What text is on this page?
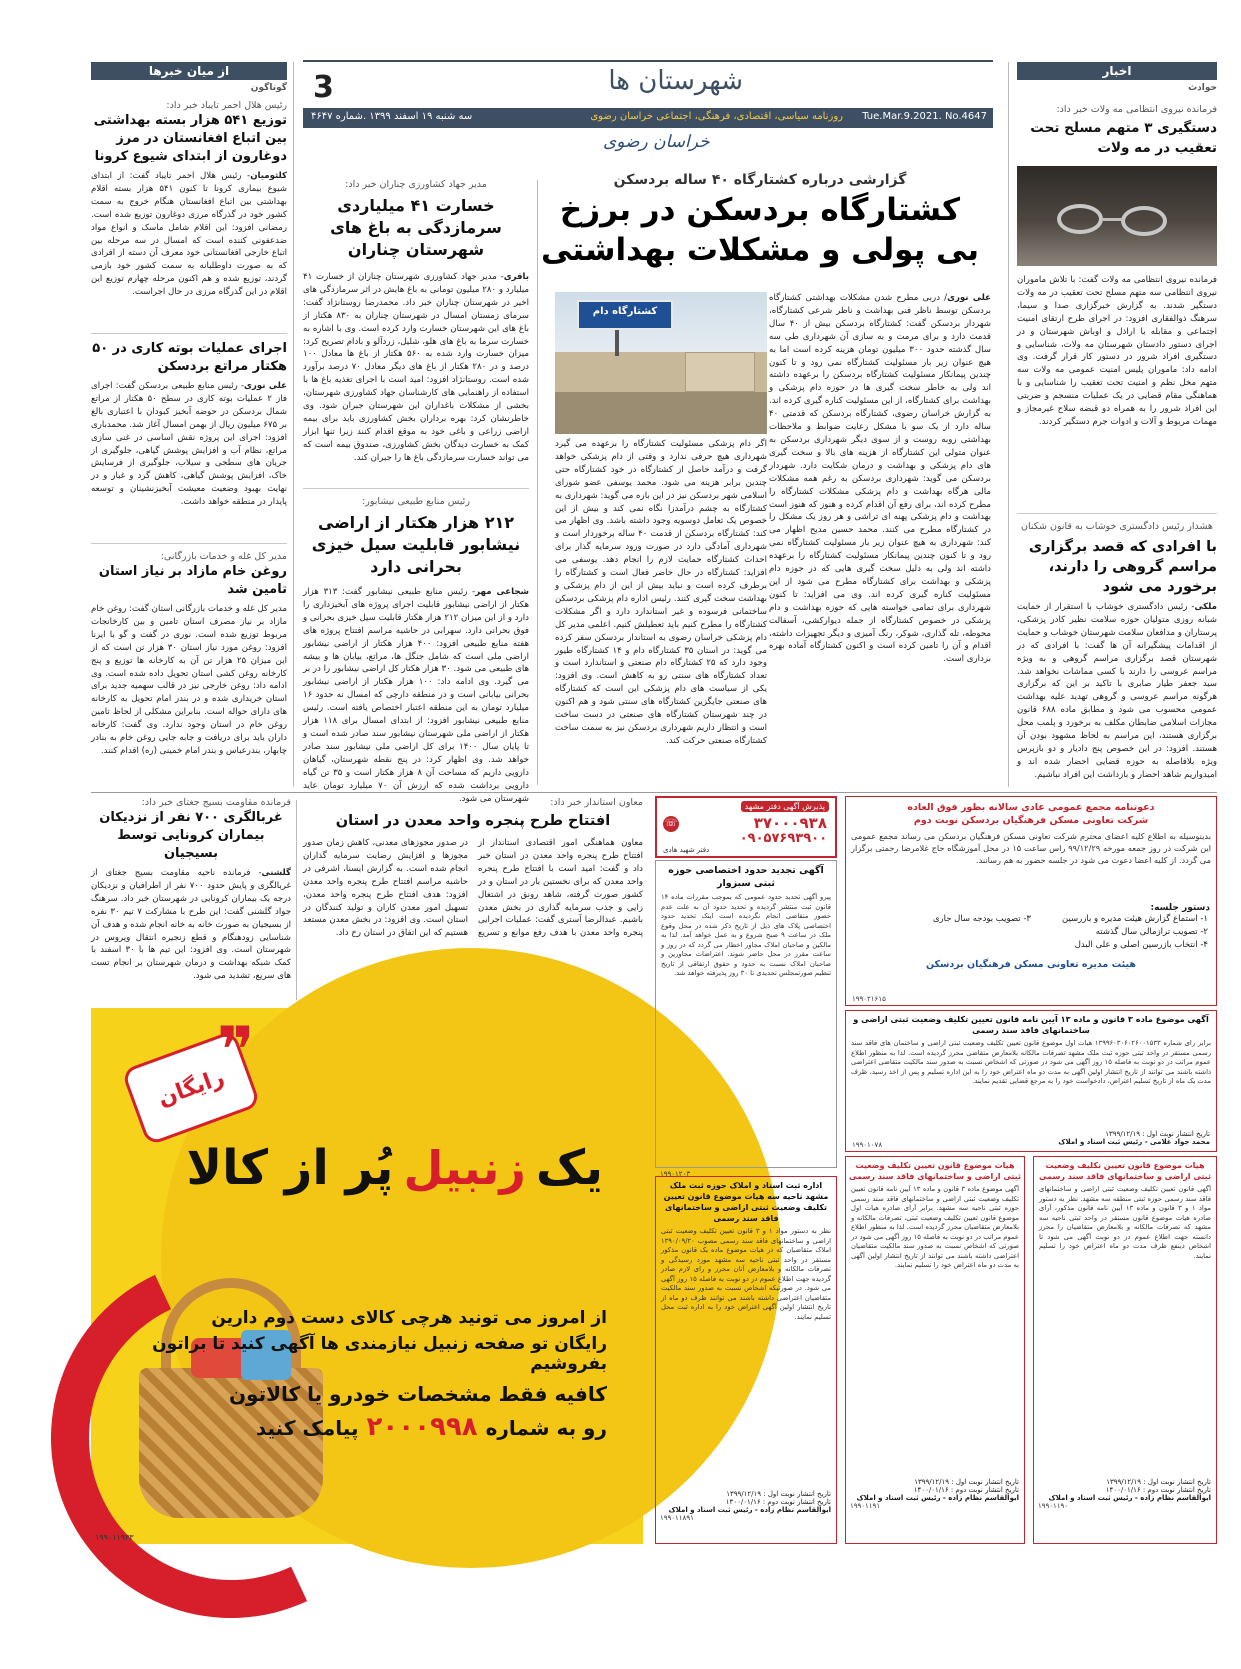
شهرستان ها
3
Tue.Mar.9.2021. No.4647
روزنامه سیاسی، اقتصادی، فرهنگی، اجتماعی خراسان رضوی
سه شنبه ۱۹ اسفند ۱۳۹۹ .شماره ۴۶۴۷
خراسان رضوی
اخبار
حوادث
فرمانده نیروی انتظامی مه ولات خبر داد:
دستگیری ۳ متهم مسلح تحت تعقیب در مه ولات
فرمانده نیروی انتظامی مه ولات گفت: با تلاش ماموران نیروی انتظامی سه متهم مسلح تحت تعقیب در مه ولات دستگیر شدند. به گزارش خبرگزاری صدا و سیما، سرهنگ ذوالفقاری افزود: در اجرای طرح ارتقای امنیت اجتماعی و مقابله با اراذل و اوباش شهرستان و در اجرای دستور دادستان شهرستان مه ولات، شناسایی و دستگیری افراد شرور در دستور کار قرار گرفت. وی ادامه داد: ماموران پلیس امنیت عمومی مه ولات سه متهم مخل نظم و امنیت تحت تعقیب را شناسایی و با هماهنگی مقام قضایی در یک عملیات منسجم و ضربتی این افراد شرور را به همراه دو قبضه سلاح غیرمجاز و مهمات مربوط و آلات و ادوات جرم دستگیر کردند.
هشدار رئیس دادگستری خوشاب به قانون شکنان
با افرادی که قصد برگزاری مراسم گروهی را دارند، برخورد می شود
ملکی- رئیس دادگستری خوشاب با استقرار از حمایت شبانه روزی متولیان حوزه سلامت نظیر کادر پزشکی، پرستاران و مدافعان سلامت شهرستان خوشاب و حمایت از اقدامات پیشگیرانه آن ها گفت: با افرادی که در شهرستان قصد برگزاری مراسم گروهی و به ویژه مراسم عروسی را دارند با کسی مماشات نخواهد شد. سید جعفر طیار صابری با تاکید بر این که برگزاری هرگونه مراسم عروسی و گروهی تهدید علیه بهداشت عمومی محسوب می شود و مطابق ماده ۶۸۸ قانون مجازات اسلامی ضابطان مکلف به برخورد و پلمب محل برگزاری هستند، این مراسم به لحاظ مشهود بودن آن هستند. افزود: در این خصوص پنج دادیار و دو بازپرس ویژه بلافاصله به حوزه قضایی احضار شده اند و امیدواریم شاهد احضار و بازداشت این افراد نباشیم.
گزارشی درباره کشتارگاه ۴۰ ساله بردسکن
کشتارگاه بردسکن در برزخ
بی پولی و مشکلات بهداشتی
علی نوری/ دربی مطرح شدن مشکلات بهداشتی کشتارگاه بردسکن توسط ناظر فنی بهداشت و ناظر شرعی کشتارگاه، شهردار بردسکن گفت: کشتارگاه بردسکن بیش از ۴۰ سال قدمت دارد و برای مرمت و به سازی آن شهرداری طی سه سال گذشته حدود ۳۰۰ میلیون تومان هزینه کرده است اما به هیچ عنوان زیر بار مسئولیت کشتارگاه نمی رود و تا کنون چندین پیمانکار مسئولیت کشتارگاه بردسکن را برعهده داشته اند ولی به خاطر سخت گیری ها در حوزه دام پزشکی و بهداشت برای کشتارگاه، از این مسئولیت کناره گیری کرده اند. به گزارش خراسان رضوی، کشتارگاه بردسکن که قدمتی ۴۰ ساله دارد از یک سو با مشکل رعایت ضوابط و ملاحظات بهداشتی روبه روست و از سوی دیگر شهرداری بردسکن به عنوان متولی این کشتارگاه از هزینه های بالا و سخت گیری های دام پزشکی و بهداشت و درمان شکایت دارد. شهردار بردسکن می گوید: شهرداری بردسکن به رغم همه مشکلات مالی هرگاه بهداشت و دام پزشکی مشکلات کشتارگاه را مطرح کرده اند، برای رفع آن اقدام کرده و هنوز که هنوز است بهداشت و دام پزشکی پهنه ای تراشی و هر روز یک مشکل را در کشتارگاه مطرح می کنند. محمد حسین مدیح اظهار می کند: شهرداری به هیچ عنوان زیر بار مسئولیت کشتارگاه نمی رود و تا کنون چندین پیمانکار مسئولیت کشتارگاه را برعهده داشته اند ولی به دلیل سخت گیری هایی که در حوزه دام پزشکی و بهداشت برای کشتارگاه مطرح می شود از این مسئولیت کناره گیری کرده اند. وی می افزاید: تا کنون شهرداری برای تمامی خواسته هایی که حوزه بهداشت و دام پزشکی در خصوص کشتارگاه از جمله دیوارکشی، آسفالت محوطه، تله گذاری، شوکر، رنگ آمیزی و دیگر تجهیزات داشته، اقدام و آن را تامین کرده است و اکنون کشتارگاه آماده بهره برداری است.
کشتارگاه دام
اگر دام پزشکی مسئولیت کشتارگاه را برعهده می گیرد شهرداری هیچ حرفی ندارد و وقتی از دام پزشکی خواهد گرفت و درآمد حاصل از کشتارگاه در خود کشتارگاه حتی چندین برابر هزینه می شود. محمد یوسفی عضو شورای اسلامی شهر بردسکن نیز در این باره می گوید: شهرداری به کشتارگاه به چشم درآمدزا نگاه نمی کند و بیش از این خصوص یک تعامل دوسویه وجود داشته باشد. وی اظهار می کند: کشتارگاه بردسکن از قدمت ۴۰ ساله برخوردار است و شهرداری آمادگی دارد در صورت ورود سرمایه گذار برای احداث کشتارگاه حمایت لازم را انجام دهد. یوسفی می افزاید: کشتارگاه در حال حاضر فعال است و کشتارگاه را برطرف کرده است و نباید بیش از این از دام پزشکی و بهداشت سخت گیری کنند. رئیس اداره دام پزشکی بردسکن ساختمانی فرسوده و غیر استاندارد دارد و اگر مشکلات کشتارگاه را مطرح کنیم باید تعطیلش کنیم. اعلمی مدیر کل دام پزشکی خراسان رضوی به استاندار بردسکن سفر کرده می گوید: در استان ۳۵ کشتارگاه دام و ۱۴ کشتارگاه طیور وجود دارد که ۲۵ کشتارگاه دام صنعتی و استاندارد است و تعداد کشتارگاه های سنتی رو به کاهش است. وی افزود: یکی از سیاست های دام پزشکی این است که کشتارگاه های صنعتی جایگزین کشتارگاه های سنتی شود و هم اکنون در چند شهرستان کشتارگاه های صنعتی در دست ساخت است و انتظار داریم شهرداری بردسکن نیز به سمت ساخت کشتارگاه صنعتی حرکت کند.
مدیر جهاد کشاورزی چناران خبر داد:
خسارت ۴۱ میلیاردی سرمازدگی به باغ های شهرستان چناران
باقری- مدیر جهاد کشاورزی شهرستان چناران از خسارت ۴۱ میلیارد و ۲۸۰ میلیون تومانی به باغ هایش در اثر سرمازدگی های اخیر در شهرستان چناران خبر داد. محمدرضا روستانژاد گفت: سرمای زمستان امسال در شهرستان چناران به ۸۳۰ هکتار از باغ های این شهرستان خسارت وارد کرده است. وی با اشاره به خسارت سرما به باغ های هلو، شلیل، زردآلو و بادام تصریح کرد: میزان خسارت وارد شده به ۵۶۰ هکتار از باغ ها معادل ۱۰۰ درصد و در ۲۸۰ هکتار از باغ های دیگر معادل ۷۰ درصد برآورد شده است. روستانژاد افزود: امید است با اجرای تغذیه باغ ها با استفاده از راهنمایی های کارشناسان جهاد کشاورزی شهرستان، بخشی از مشکلات باغداران این شهرستان جبران شود. وی خاطرنشان کرد: بهره برداران بخش کشاورزی باید برای بیمه اراضی زراعی و باغی خود به موقع اقدام کنند زیرا تنها ابزار کمک به خسارت دیدگان بخش کشاورزی، صندوق بیمه است که می تواند خسارت سرمازدگی باغ ها را جبران کند.
رئیس منابع طبیعی نیشابور:
۲۱۲ هزار هکتار از اراضی نیشابور قابلیت سیل خیزی بحرانی دارد
شجاعی مهر- رئیس منابع طبیعی نیشابور گفت: ۳۱۳ هزار هکتار از اراضی نیشابور قابلیت اجرای پروژه های آبخیزداری را دارد و از این میزان ۲۱۲ هزار هکتار قابلیت سیل خیزی بحرانی و فوق بحرانی دارد. سهرابی در حاشیه مراسم افتتاح پروژه های هفته منابع طبیعی افزود: ۴۰۰ هزار هکتار از اراضی نیشابور اراضی ملی است که شامل جنگل ها، مراتع، بیابان ها و بیشه های طبیعی می شود. ۳۰ هزار هکتار کل اراضی نیشابور را در بر می گیرد. وی ادامه داد: ۱۰۰ هزار هکتار از اراضی نیشابور بحرانی بیابانی است و در منطقه دارچی که امسال نه حدود ۱۶ میلیارد تومان به این منطقه اعتبار اختصاص یافته است. رئیس منابع طبیعی نیشابور افزود: از ابتدای امسال برای ۱۱۸ هزار هکتار از اراضی ملی شهرستان نیشابور سند صادر شده است و تا پایان سال ۱۴۰۰ برای کل اراضی ملی نیشابور سند صادر خواهد شد. وی اظهار کرد: در پنج نقطه شهرستان، گیاهان دارویی داریم که مساحت آن ۸ هزار هکتار است و ۳۵ تن گیاه دارویی برداشت شده که ارزش آن ۷۰ میلیارد تومان عاید شهرستان می شود.
از میان خبرها
گوناگون
رئیس هلال احمر تایباد خبر داد:
توزیع ۵۴۱ هزار بسته بهداشتی بین اتباع افغانستان در مرز دوغارون از ابتدای شیوع کرونا
کلثومیان- رئیس هلال احمر تایباد گفت: از ابتدای شیوع بیماری کرونا تا کنون ۵۴۱ هزار بسته اقلام بهداشتی بین اتباع افغانستان هنگام خروج به سمت کشور خود در گذرگاه مرزی دوغارون توزیع شده است. رمضانی افزود: این اقلام شامل ماسک و انواع مواد ضدعفونی کننده است که امسال در سه مرحله بین اتباع خارجی افغانستانی خود معرف آن دسته از افرادی که به صورت داوطلبانه به سمت کشور خود بازمی گردند، توزیع شده و هم اکنون مرحله چهارم توزیع این اقلام در این گذرگاه مرزی در حال اجراست.
اجرای عملیات بوته کاری در ۵۰ هکتار مراتع بردسکن
علی نوری- رئیس منابع طبیعی بردسکن گفت: اجرای فاز ۲ عملیات بوته کاری در سطح ۵۰ هکتار از مراتع شمال بردسکن در حوضه آبخیز کبودان با اعتباری بالغ بر ۶۷۵ میلیون ریال از بهمن امسال آغاز شد. محمدباری افزود: اجرای این پروژه نقش اساسی در غنی سازی مراتع، نظام آب و افزایش پوشش گیاهی، جلوگیری از جریان های سطحی و سیلاب، جلوگیری از فرسایش خاک، افزایش پوشش گیاهی، کاهش گرد و غبار و در نهایت بهبود وضعیت معیشت آبخیزنشینان و توسعه پایدار در منطقه خواهد داشت.
مدیر کل غله و خدمات بازرگانی:
روغن خام مازاد بر نیاز استان تامین شد
مدیر کل غله و خدمات بازرگانی استان گفت: روغن خام مازاد بر نیاز مصرف استان تامین و بین کارخانجات مربوط توزیع شده است. نوری در گفت و گو با ایرنا افزود: روغن مورد نیاز استان ۳۰ هزار تن است که از این میزان ۲۵ هزار تن آن به کارخانه ها توزیع و پنج کارخانه روغن کشی استان تحویل داده شده است. وی ادامه داد: روغن خارجی نیز در قالب سهمیه جدید برای استان خریداری شده و در بندر امام تحویل به کارخانه های دارای حواله است. بنابراین مشکلی از لحاظ تامین روغن خام در استان وجود ندارد. وی گفت: کارخانه داران باید برای دریافت و جابه جایی روغن خام به بنادر چابهار، بندرعباس و بندر امام خمینی (ره) اقدام کنند.
معاون استاندار خبر داد:
افتتاح طرح پنجره واحد معدن در استان
معاون هماهنگی امور اقتصادی استاندار از افتتاح طرح پنجره واحد معدن در استان خبر داد و گفت: امید است با افتتاح طرح پنجره واحد معدن که برای نخستین بار در استان و در کشور صورت گرفته، شاهد رونق در اشتغال زایی و جذب سرمایه گذاری در بخش معدن باشیم. عبدالرضا آستری گفت: عملیات اجرایی پنجره واحد معدن با هدف رفع موانع و تسریع در صدور مجوزهای معدنی، کاهش زمان صدور مجوزها و افزایش رضایت سرمایه گذاران انجام شده است. به گزارش ایسنا، اشرفی در حاشیه مراسم افتتاح طرح پنجره واحد معدن افزود: هدف افتتاح طرح پنجره واحد معدن، تسهیل امور معدن کاران و تولید کنندگان در استان است. وی افزود: در بخش معدن مستعد هستیم که این اتفاق در استان رخ داد.
فرمانده مقاومت بسیج جغتای خبر داد:
غربالگری ۷۰۰ نفر از نزدیکان بیماران کرونایی توسط بسیجیان
گلشنی- فرمانده ناحیه مقاومت بسیج جغتای از غربالگری و پایش حدود ۷۰۰ نفر از اطرافیان و نزدیکان درجه یک بیماران کرونایی در شهرستان خبر داد. سرهنگ جواد گلشنی گفت: این طرح با مشارکت ۷ تیم ۳۰ نفره از بسیجیان به صورت خانه به خانه انجام شده و هدف آن شناسایی زودهنگام و قطع زنجیره انتقال ویروس در شهرستان است. وی افزود: این تیم ها با ۳۰ اسفند با کمک شبکه بهداشت و درمان شهرستان بر انجام تست های سریع، تشدید می شود.
رایگان
❞
یک
زنبیل
پُر از کالا
از امروز می تونید هرچی کالای دست دوم دارین
رایگان تو صفحه زنبیل نیازمندی ها آگهی کنید تا براتون بفروشیم
کافیه فقط مشخصات خودرو یا کالاتون
رو به شماره
۲۰۰۰۹۹۸
پیامک کنید
۱۹۹۰۱۱۹۳۳
پذیرش آگهی دفتر مشهد
☏	۳۷۰۰۰۹۳۸
۰۹۰۵۷۶۹۳۹۰۰
دفتر شهید هادی
آگهی تجدید حدود اختصاصی حوزه ثبتی سبزوار
پیرو آگهی تحدید حدود عمومی که بموجب مقررات ماده ۱۴ قانون ثبت منتشر گردیده و تحدید حدود آن به علت عدم حضور متقاضی انجام نگردیده است اینک تحدید حدود اختصاصی پلاک های ذیل از تاریخ ذکر شده در محل وقوع ملک در ساعت ۹ صبح شروع و به عمل خواهد آمد. لذا به مالکین و صاحبان املاک مجاور اخطار می گردد که در روز و ساعت مقرر در محل حاضر شوند. اعتراضات مجاورین و صاحبان املاک نسبت به حدود و حقوق ارتفاقی از تاریخ تنظیم صورتمجلس تحدیدی تا ۳۰ روز پذیرفته خواهد شد.
۱۹۹۰۱۲۰۳
دعوتنامه مجمع عمومی عادی سالانه بطور فوق العاده
شرکت تعاونی مسکن فرهنگیان بردسکن نوبت دوم
بدینوسیله به اطلاع کلیه اعضای محترم شرکت تعاونی مسکن فرهنگیان بردسکن می رساند مجمع عمومی این شرکت در روز جمعه مورخه ۹۹/۱۲/۲۹ راس ساعت ۱۵ در محل آموزشگاه حاج غلامرضا رحمتی برگزار می گردد. از کلیه اعضا دعوت می شود در جلسه حضور به هم رسانند.
دستور جلسه:
۱- استماع گزارش هیئت مدیره و بازرسین
۳- تصویب بودجه سال جاری
۲- تصویب ترازمالی سال گذشته
۴- انتخاب بازرسین اصلی و علی البدل
هیئت مدیره تعاونی مسکن فرهنگیان بردسکن
۱۹۹۰۲۱۶۱۵
آگهی موضوع ماده ۳ قانون و ماده ۱۳ آیین نامه قانون تعیین تکلیف وضعیت ثبتی اراضی و ساختمانهای فاقد سند رسمی
برابر رای شماره ۱۳۹۹۶۰۳۰۶۰۲۶۰۰۱۵۳۳ هیات اول موضوع قانون تعیین تکلیف وضعیت ثبتی اراضی و ساختمان های فاقد سند رسمی مستقر در واحد ثبتی حوزه ثبت ملک مشهد تصرفات مالکانه بلامعارض متقاضی محرز گردیده است. لذا به منظور اطلاع عموم مراتب در دو نوبت به فاصله ۱۵ روز آگهی می شود در صورتی که اشخاص نسبت به صدور سند مالکیت متقاضی اعتراضی داشته باشند می توانند از تاریخ انتشار اولین آگهی به مدت دو ماه اعتراض خود را به این اداره تسلیم و پس از اخذ رسید، ظرف مدت یک ماه از تاریخ تسلیم اعتراض، دادخواست خود را به مرجع قضایی تقدیم نمایند.
تاریخ انتشار نوبت اول : ۱۳۹۹/۱۲/۱۹
محمد جواد غلامی - رئیس ثبت اسناد و املاک
۱۹۹۰۱۰۷۸
اداره ثبت اسناد و املاک حوزه ثبت ملک مشهد ناحیه سه هیات موضوع قانون تعیین تکلیف وضعیت ثبتی اراضی و ساختمانهای فاقد سند رسمی
نظر به دستور مواد ۱ و ۳ قانون تعیین تکلیف وضعیت ثبتی اراضی و ساختمانهای فاقد سند رسمی مصوب ۱۳۹۰/۰۹/۲۰ املاک متقاضیان که در هیات موضوع ماده یک قانون مذکور مستقر در واحد ثبتی ناحیه سه مشهد مورد رسیدگی و تصرفات مالکانه و بلامعارض آنان محرز و رای لازم صادر گردیده جهت اطلاع عموم در دو نوبت به فاصله ۱۵ روز آگهی می شود. در صورتیکه اشخاص نسبت به صدور سند مالکیت متقاضیان اعتراضی داشته باشند می توانند ظرف دو ماه از تاریخ انتشار اولین آگهی اعتراض خود را به اداره ثبت محل تسلیم نمایند.
تاریخ انتشار نوبت اول : ۱۳۹۹/۱۲/۱۹
تاریخ انتشار نوبت دوم : ۱۴۰۰/۰۱/۱۶
ابوالقاسم نظام زاده - رئیس ثبت اسناد و املاک
۱۹۹۰۱۱۸۹۱
هیات موضوع قانون تعیین تکلیف وضعیت ثبتی اراضی و ساختمانهای فاقد سند رسمی
آگهی موضوع ماده ۳ قانون و ماده ۱۳ آیین نامه قانون تعیین تکلیف وضعیت ثبتی اراضی و ساختمانهای فاقد سند رسمی حوزه ثبتی ناحیه سه مشهد. برابر آرای صادره هیات اول موضوع قانون تعیین تکلیف وضعیت ثبتی، تصرفات مالکانه و بلامعارض متقاضیان محرز گردیده است. لذا به منظور اطلاع عموم مراتب در دو نوبت به فاصله ۱۵ روز آگهی می شود در صورتی که اشخاص نسبت به صدور سند مالکیت متقاضیان اعتراضی داشته باشند می توانند از تاریخ انتشار اولین آگهی به مدت دو ماه اعتراض خود را تسلیم نمایند.
تاریخ انتشار نوبت اول : ۱۳۹۹/۱۲/۱۹
تاریخ انتشار نوبت دوم : ۱۴۰۰/۰۱/۱۶
ابوالقاسم نظام زاده - رئیس ثبت اسناد و املاک
۱۹۹۰۱۱۹۱
هیات موضوع قانون تعیین تکلیف وضعیت ثبتی اراضی و ساختمانهای فاقد سند رسمی
آگهی قانون تعیین تکلیف وضعیت ثبتی اراضی و ساختمانهای فاقد سند رسمی حوزه ثبتی منطقه سه مشهد. نظر به دستور مواد ۱ و ۳ قانون و ماده ۱۳ آیین نامه قانون مذکور، آرای صادره هیات موضوع قانون مستقر در واحد ثبتی ناحیه سه مشهد که تصرفات مالکانه و بلامعارض متقاضیان را محرز دانسته جهت اطلاع عموم در دو نوبت آگهی می شود تا اشخاص ذینفع ظرف مدت دو ماه اعتراض خود را تسلیم نمایند.
تاریخ انتشار نوبت اول : ۱۳۹۹/۱۲/۱۹
تاریخ انتشار نوبت دوم : ۱۴۰۰/۰۱/۱۶
ابوالقاسم نظام زاده - رئیس ثبت اسناد و املاک
۱۹۹۰۱۱۹۰
